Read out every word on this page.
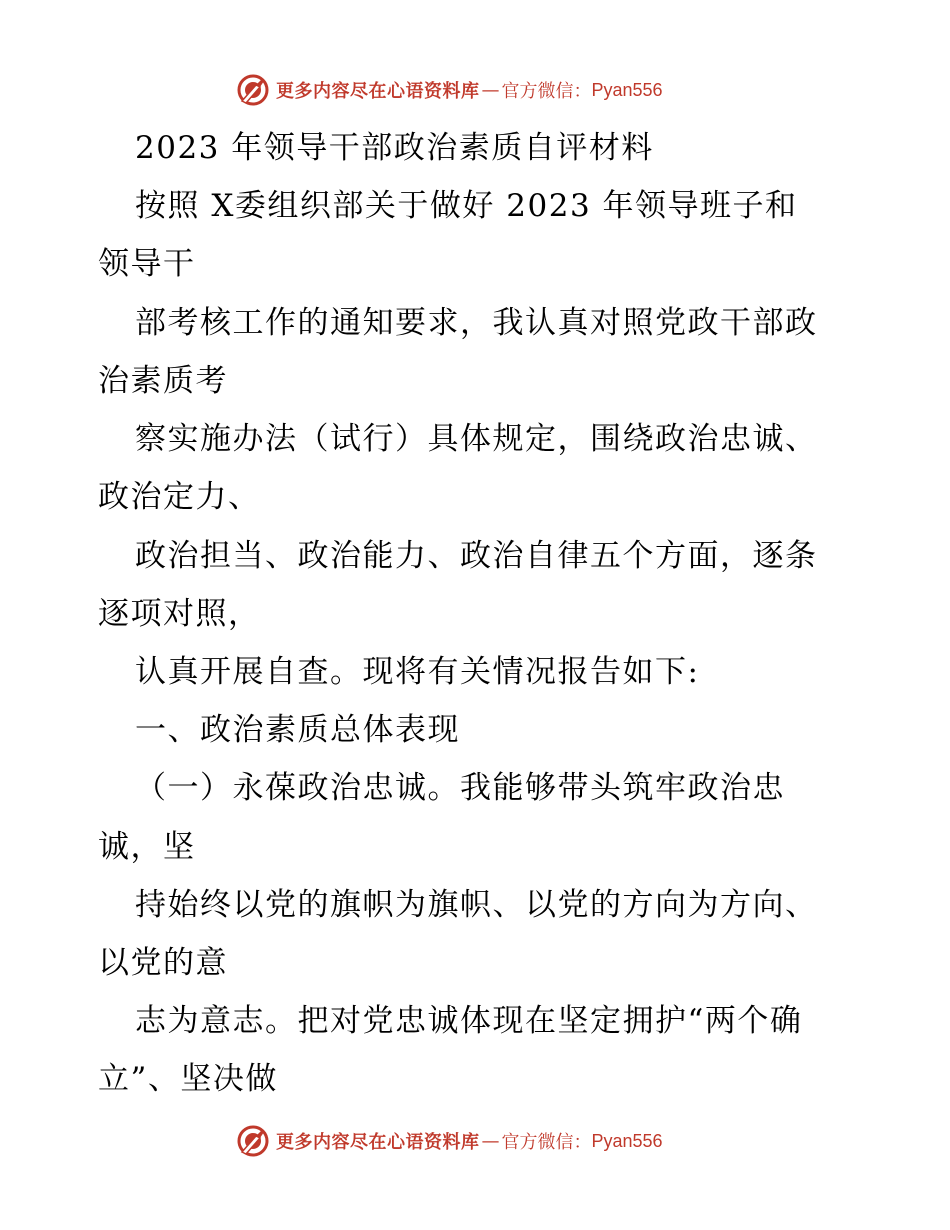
更多内容尽在心语资料库 — 官方微信： Pyan556
2023 年领导干部政治素质自评材料
按照 X委组织部关于做好 2023 年领导班子和
领导干
部考核工作的通知要求，我认真对照党政干部政
治素质考
察实施办法（试行）具体规定，围绕政治忠诚、
政治定力、
政治担当、政治能力、政治自律五个方面，逐条
逐项对照，
认真开展自查。现将有关情况报告如下:
一、政治素质总体表现
（一）永葆政治忠诚。我能够带头筑牢政治忠
诚，坚
持始终以党的旗帜为旗帜、以党的方向为方向、
以党的意
志为意志。把对党忠诚体现在坚定拥护“两个确
立”、坚决做
更多内容尽在心语资料库 — 官方微信： Pyan556
